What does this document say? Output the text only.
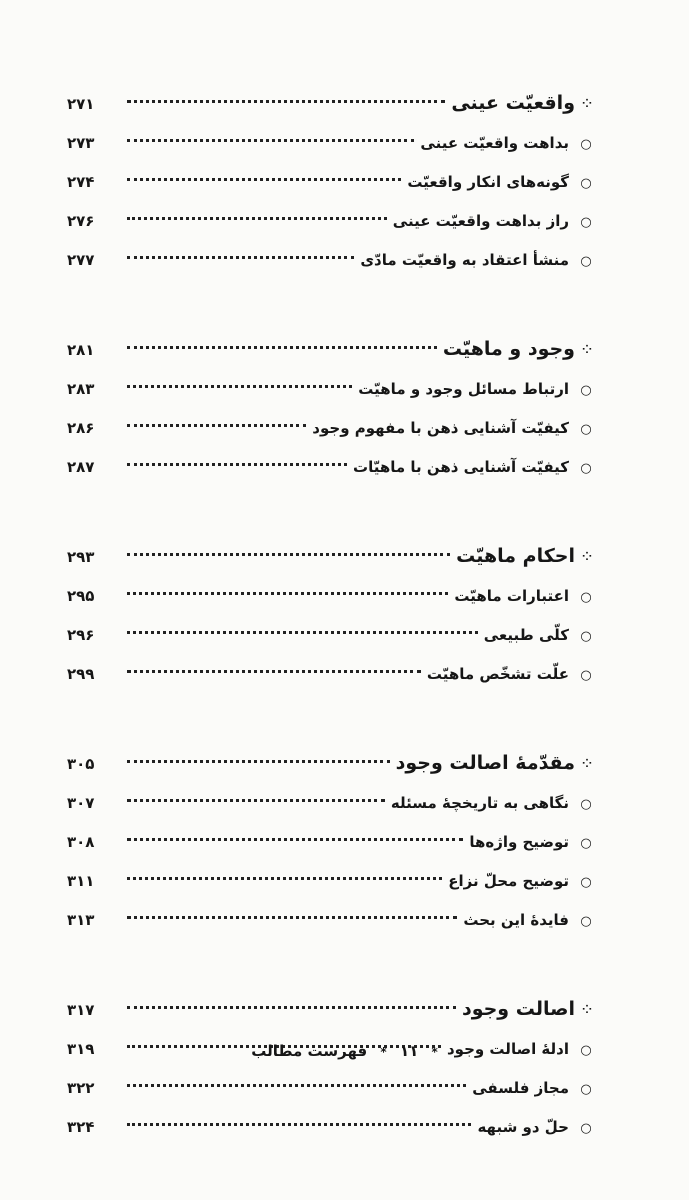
⁘
واقعیّت عینی
۲۷۱
○
بداهت واقعیّت عینی
۲۷۳
○
گونه‌های انکار واقعیّت
۲۷۴
○
راز بداهت واقعیّت عینی
۲۷۶
○
منشأ اعتقاد به واقعیّت مادّی
۲۷۷
⁘
وجود و ماهیّت
۲۸۱
○
ارتباط مسائل وجود و ماهیّت
۲۸۳
○
کیفیّت آشنایی ذهن با مفهوم وجود
۲۸۶
○
کیفیّت آشنایی ذهن با ماهیّات
۲۸۷
⁘
احکام ماهیّت
۲۹۳
○
اعتبارات ماهیّت
۲۹۵
○
کلّی طبیعی
۲۹۶
○
علّت تشخّص ماهیّت
۲۹۹
⁘
مقدّمهٔ اصالت وجود
۳۰۵
○
نگاهی به تاریخچهٔ مسئله
۳۰۷
○
توضیح واژه‌ها
۳۰۸
○
توضیح محلّ نزاع
۳۱۱
○
فایدهٔ این بحث
۳۱۳
⁘
اصالت وجود
۳۱۷
○
ادلهٔ اصالت وجود
۳۱۹
○
مجاز فلسفی
۳۲۲
○
حلّ دو شبهه
۳۲۴
* ۱۱ * فهرست مطالب
